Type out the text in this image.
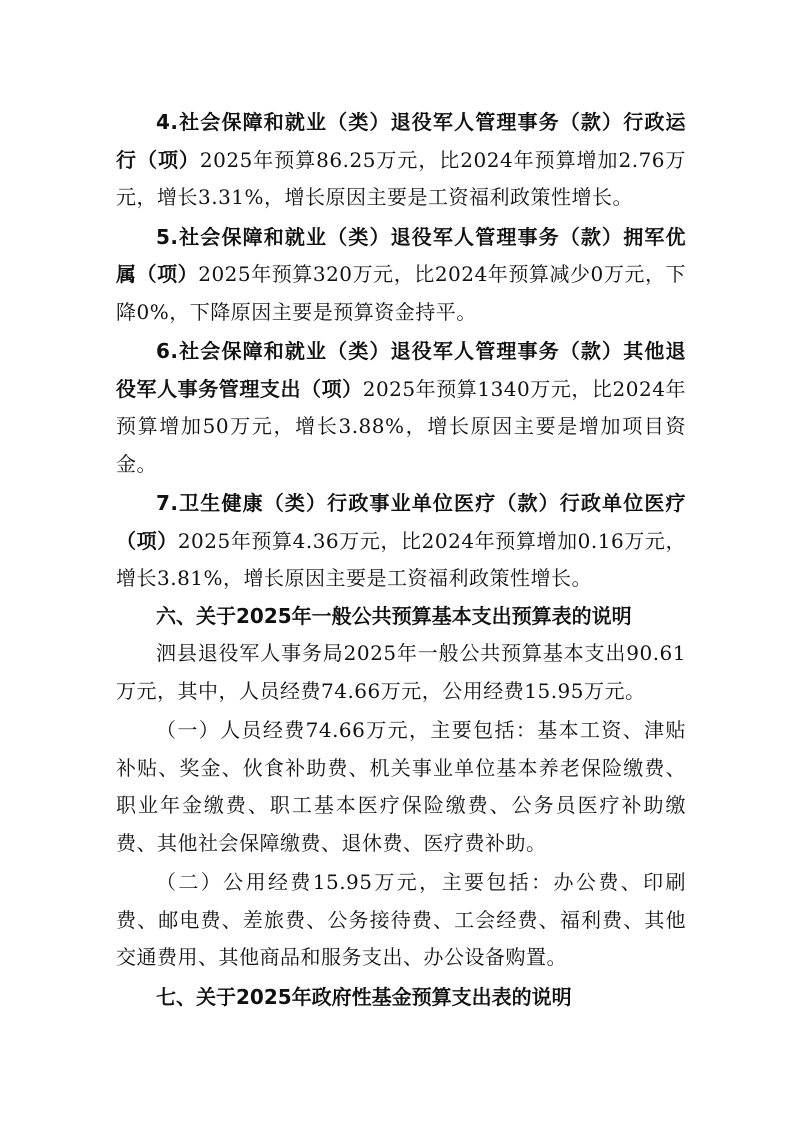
4.社会保障和就业（类）退役军人管理事务（款）行政运行（项）2025年预算86.25万元，比2024年预算增加2.76万元，增长3.31%，增长原因主要是工资福利政策性增长。

5.社会保障和就业（类）退役军人管理事务（款）拥军优属（项）2025年预算320万元，比2024年预算减少0万元，下降0%，下降原因主要是预算资金持平。

6.社会保障和就业（类）退役军人管理事务（款）其他退役军人事务管理支出（项）2025年预算1340万元，比2024年预算增加50万元，增长3.88%，增长原因主要是增加项目资金。

7.卫生健康（类）行政事业单位医疗（款）行政单位医疗（项）2025年预算4.36万元，比2024年预算增加0.16万元，增长3.81%，增长原因主要是工资福利政策性增长。

六、关于2025年一般公共预算基本支出预算表的说明

泗县退役军人事务局2025年一般公共预算基本支出90.61万元，其中，人员经费74.66万元，公用经费15.95万元。

（一）人员经费74.66万元，主要包括：基本工资、津贴补贴、奖金、伙食补助费、机关事业单位基本养老保险缴费、职业年金缴费、职工基本医疗保险缴费、公务员医疗补助缴费、其他社会保障缴费、退休费、医疗费补助。

（二）公用经费15.95万元，主要包括：办公费、印刷费、邮电费、差旅费、公务接待费、工会经费、福利费、其他交通费用、其他商品和服务支出、办公设备购置。

七、关于2025年政府性基金预算支出表的说明
